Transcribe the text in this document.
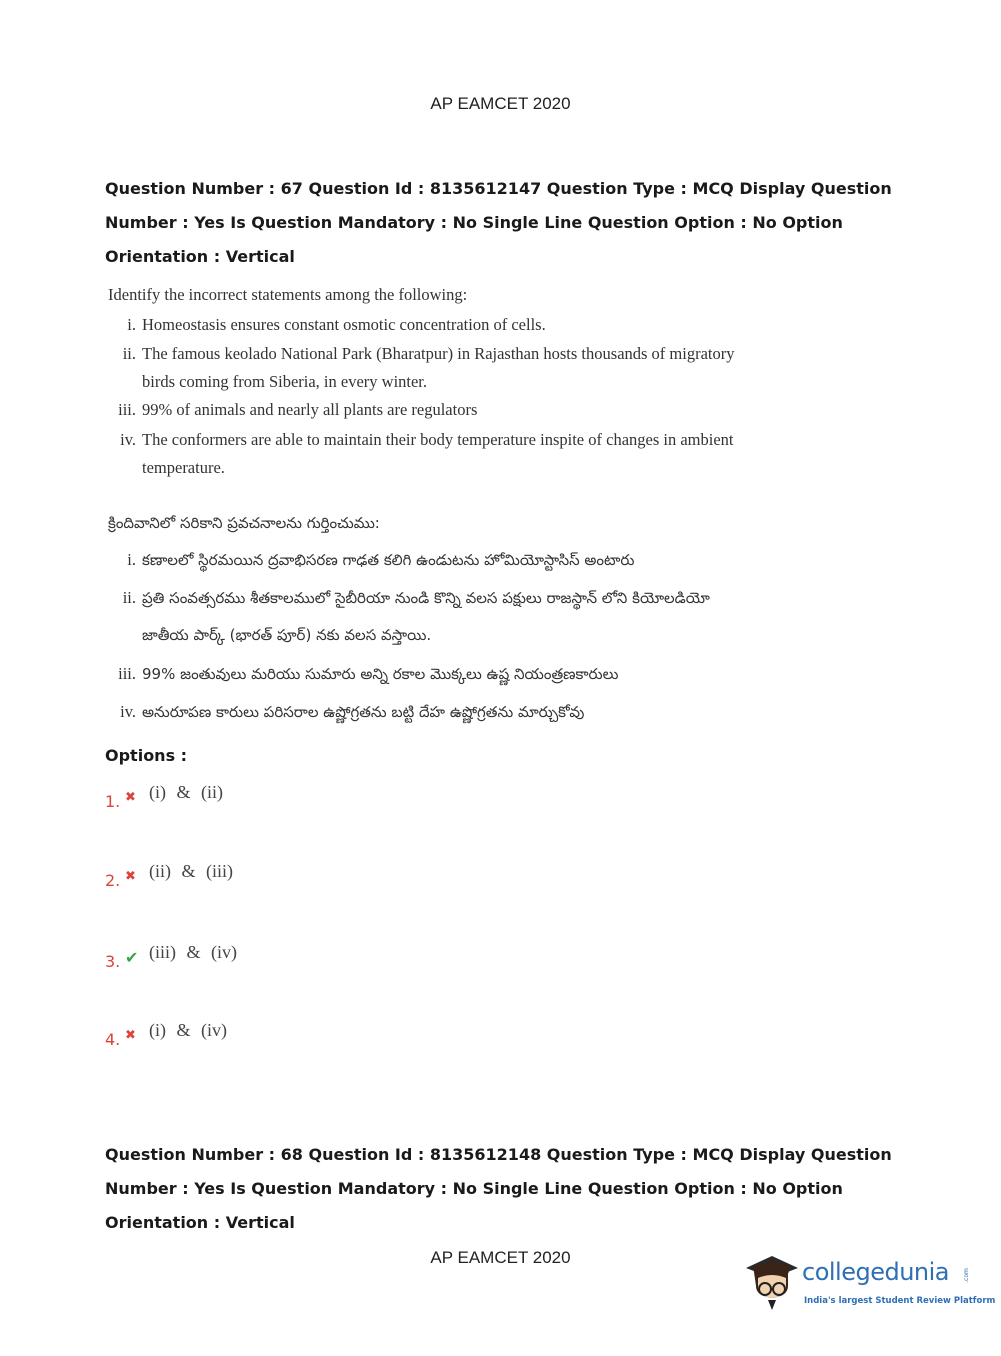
AP EAMCET 2020
Question Number : 67 Question Id : 8135612147 Question Type : MCQ Display Question
Number : Yes Is Question Mandatory : No Single Line Question Option : No Option
Orientation : Vertical
Identify the incorrect statements among the following:
i. Homeostasis ensures constant osmotic concentration of cells.
ii. The famous keolado National Park (Bharatpur) in Rajasthan hosts thousands of migratory
birds coming from Siberia, in every winter.
iii. 99% of animals and nearly all plants are regulators
iv. The conformers are able to maintain their body temperature inspite of changes in ambient
temperature.
క్రిందివానిలో సరికాని ప్రవచనాలను గుర్తించుము:
i. కణాలలో స్థిరమయిన ద్రవాభిసరణ గాఢత కలిగి ఉండుటను హోమియోస్టాసిస్ అంటారు
ii. ప్రతి సంవత్సరము శీతకాలములో సైబీరియా నుండి కొన్ని వలస పక్షులు రాజస్థాన్ లోని కియోలడియో
జాతీయ పార్క్ (భారత్ పూర్) నకు వలస వస్తాయి.
iii. 99% జంతువులు మరియు సుమారు అన్ని రకాల మొక్కలు ఉష్ణ నియంత్రణకారులు
iv. అనురూపణ కారులు పరిసరాల ఉష్ణోగ్రతను బట్టి దేహ ఉష్ణోగ్రతను మార్చుకోవు
Options :
1. ✖ (i) & (ii)
2. ✖ (ii) & (iii)
3. ✔ (iii) & (iv)
4. ✖ (i) & (iv)
Question Number : 68 Question Id : 8135612148 Question Type : MCQ Display Question
Number : Yes Is Question Mandatory : No Single Line Question Option : No Option
Orientation : Vertical
AP EAMCET 2020
collegedunia .com
India's largest Student Review Platform
